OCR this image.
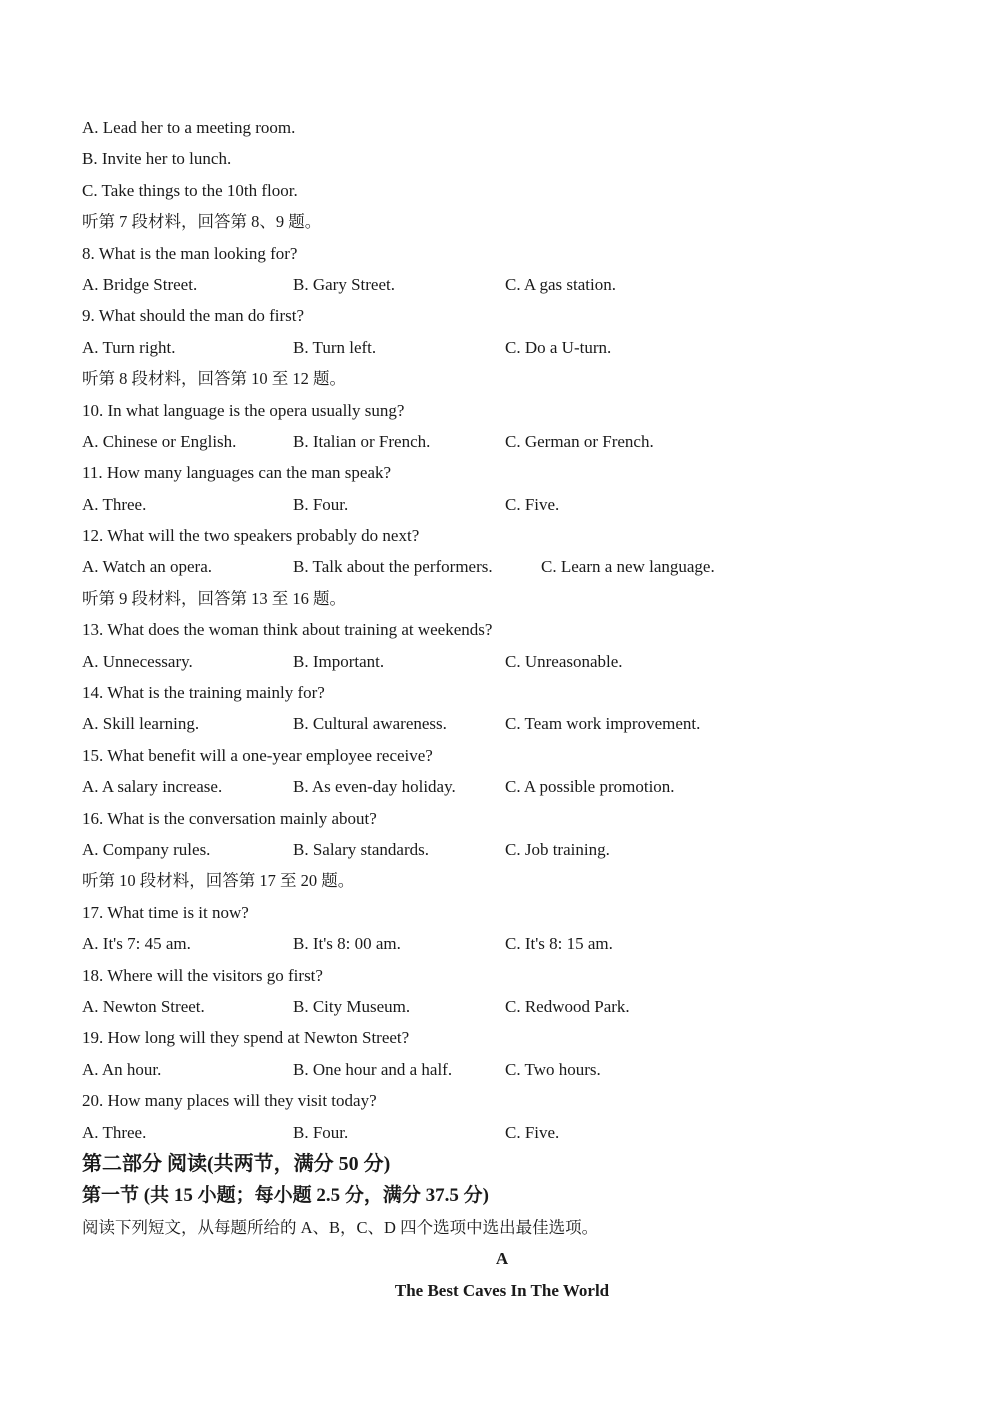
A. Lead her to a meeting room.

B. Invite her to lunch.

C. Take things to the 10th floor.

听第 7 段材料，回答第 8、9 题。

8. What is the man looking for?

A. Bridge Street.	B. Gary Street.	C. A gas station.

9. What should the man do first?

A. Turn right.	B. Turn left.	C. Do a U-turn.

听第 8 段材料，回答第 10 至 12 题。

10. In what language is the opera usually sung?

A. Chinese or English.	B. Italian or French.	C. German or French.

11. How many languages can the man speak?

A. Three.	B. Four.	C. Five.

12. What will the two speakers probably do next?

A. Watch an opera.	B. Talk about the performers.	C. Learn a new language.

听第 9 段材料，回答第 13 至 16 题。

13. What does the woman think about training at weekends?

A. Unnecessary.	B. Important.	C. Unreasonable.

14. What is the training mainly for?

A. Skill learning.	B. Cultural awareness.	C. Team work improvement.

15. What benefit will a one-year employee receive?

A. A salary increase.	B. As even-day holiday.	C. A possible promotion.

16. What is the conversation mainly about?

A. Company rules.	B. Salary standards.	C. Job training.

听第 10 段材料，回答第 17 至 20 题。

17. What time is it now?

A. It's 7: 45 am.	B. It's 8: 00 am.	C. It's 8: 15 am.

18. Where will the visitors go first?

A. Newton Street.	B. City Museum.	C. Redwood Park.

19. How long will they spend at Newton Street?

A. An hour.	B. One hour and a half.	C. Two hours.

20. How many places will they visit today?

A. Three.	B. Four.	C. Five.

第二部分 阅读(共两节，满分 50 分)

第一节 (共 15 小题；每小题 2.5 分，满分 37.5 分)

阅读下列短文，从每题所给的 A、B，C、D 四个选项中选出最佳选项。

A

The Best Caves In The World
